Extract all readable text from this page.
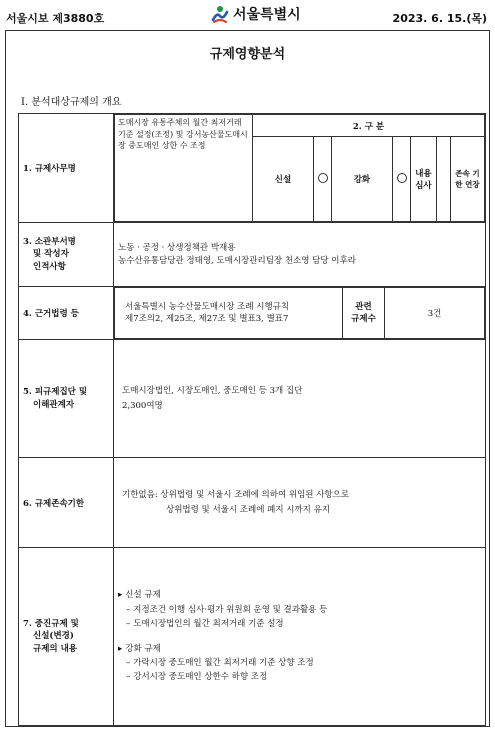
서울시보 제3880호	서울특별시	2023. 6. 15.(목)
규제영향분석
Ⅰ. 분석대상규제의 개요
1. 규제사무명	
도매시장 유통주체의 월간 최저거래기준 설정(조정) 및 강서농산물도매시장 중도매인 상한 수 조정	2. 구 분
신설		강화		내용 심사		존속 기한 연장

3. 소관부서명
및 작성자
인적사항

노동 · 공정 · 상생정책관 박재용
농수산유통담당관 정태영, 도매시장관리팀장 천소영 담당 이후라

4. 근거법령 등	
서울특별시 농수산물도매시장 조례 시행규칙
제7조의2, 제25조, 제27조 및 별표3, 별표7

관련
규제수	3건

5. 피규제집단 및
이해관계자

도매시장법인, 시장도매인, 중도매인 등 3개 집단
2,300여명

6. 규제존속기한	
기한없음: 상위법령 및 서울시 조례에 의하여 위임된 사항으로
상위법령 및 서울시 조례에 폐지 시까지 유지

7. 중진규제 및
신설(변경)
규제의 내용

▸ 신설 규제
– 지정조건 이행 심사·평가 위원회 운영 및 결과활용 등
– 도매시장법인의 월간 최저거래 기준 설정
▸ 강화 규제
– 가락시장 중도매인 월간 최저거래 기준 상향 조정
– 강서시장 중도매인 상한수 하향 조정
